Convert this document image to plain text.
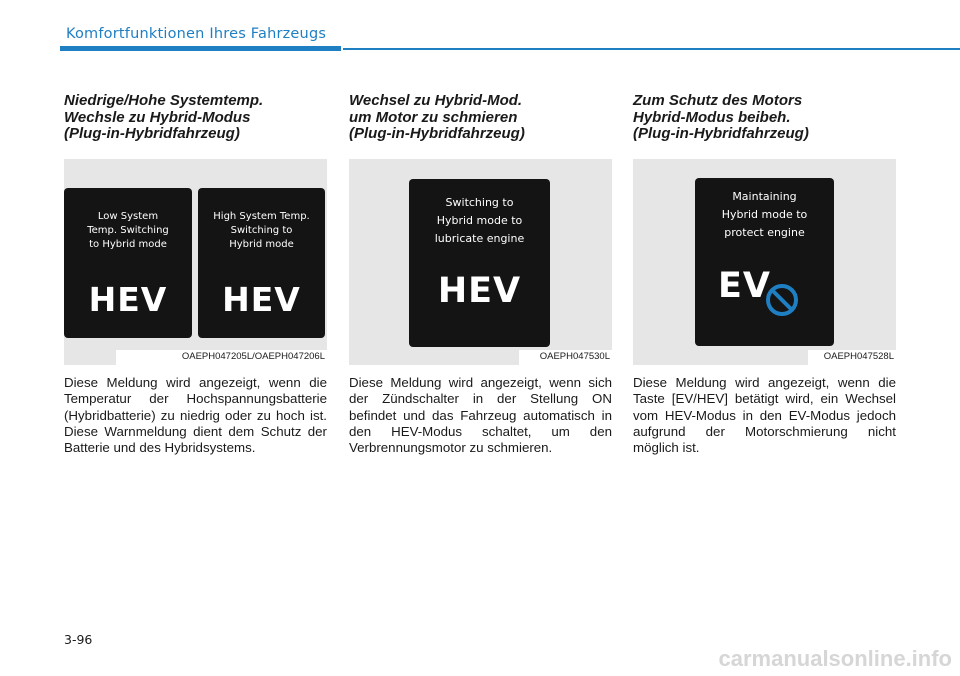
Komfortfunktionen Ihres Fahrzeugs
Niedrige/Hohe Systemtemp.
Wechsle zu Hybrid-Modus
(Plug-in-Hybridfahrzeug)
Low System
Temp. Switching
to Hybrid mode
HEV
High System Temp.
Switching to
Hybrid mode
HEV
OAEPH047205L/OAEPH047206L

Diese Meldung wird angezeigt, wenn die Temperatur der Hochspannungsbatterie (Hybridbatterie) zu niedrig oder zu hoch ist. Diese Warnmeldung dient dem Schutz der Batterie und des Hybridsystems.

Wechsel zu Hybrid-Mod.
um Motor zu schmieren
(Plug-in-Hybridfahrzeug)
Switching to
Hybrid mode to
lubricate engine
HEV
OAEPH047530L

Diese Meldung wird angezeigt, wenn sich der Zündschalter in der Stellung ON befindet und das Fahrzeug automatisch in den HEV-Modus schaltet, um den Verbrennungsmotor zu schmieren.

Zum Schutz des Motors
Hybrid-Modus beibeh.
(Plug-in-Hybridfahrzeug)
Maintaining
Hybrid mode to
protect engine
EV
OAEPH047528L

Diese Meldung wird angezeigt, wenn die Taste [EV/HEV] betätigt wird, ein Wechsel vom HEV-Modus in den EV-Modus jedoch aufgrund der Motorschmierung nicht möglich ist.

3-96
carmanualsonline.info
